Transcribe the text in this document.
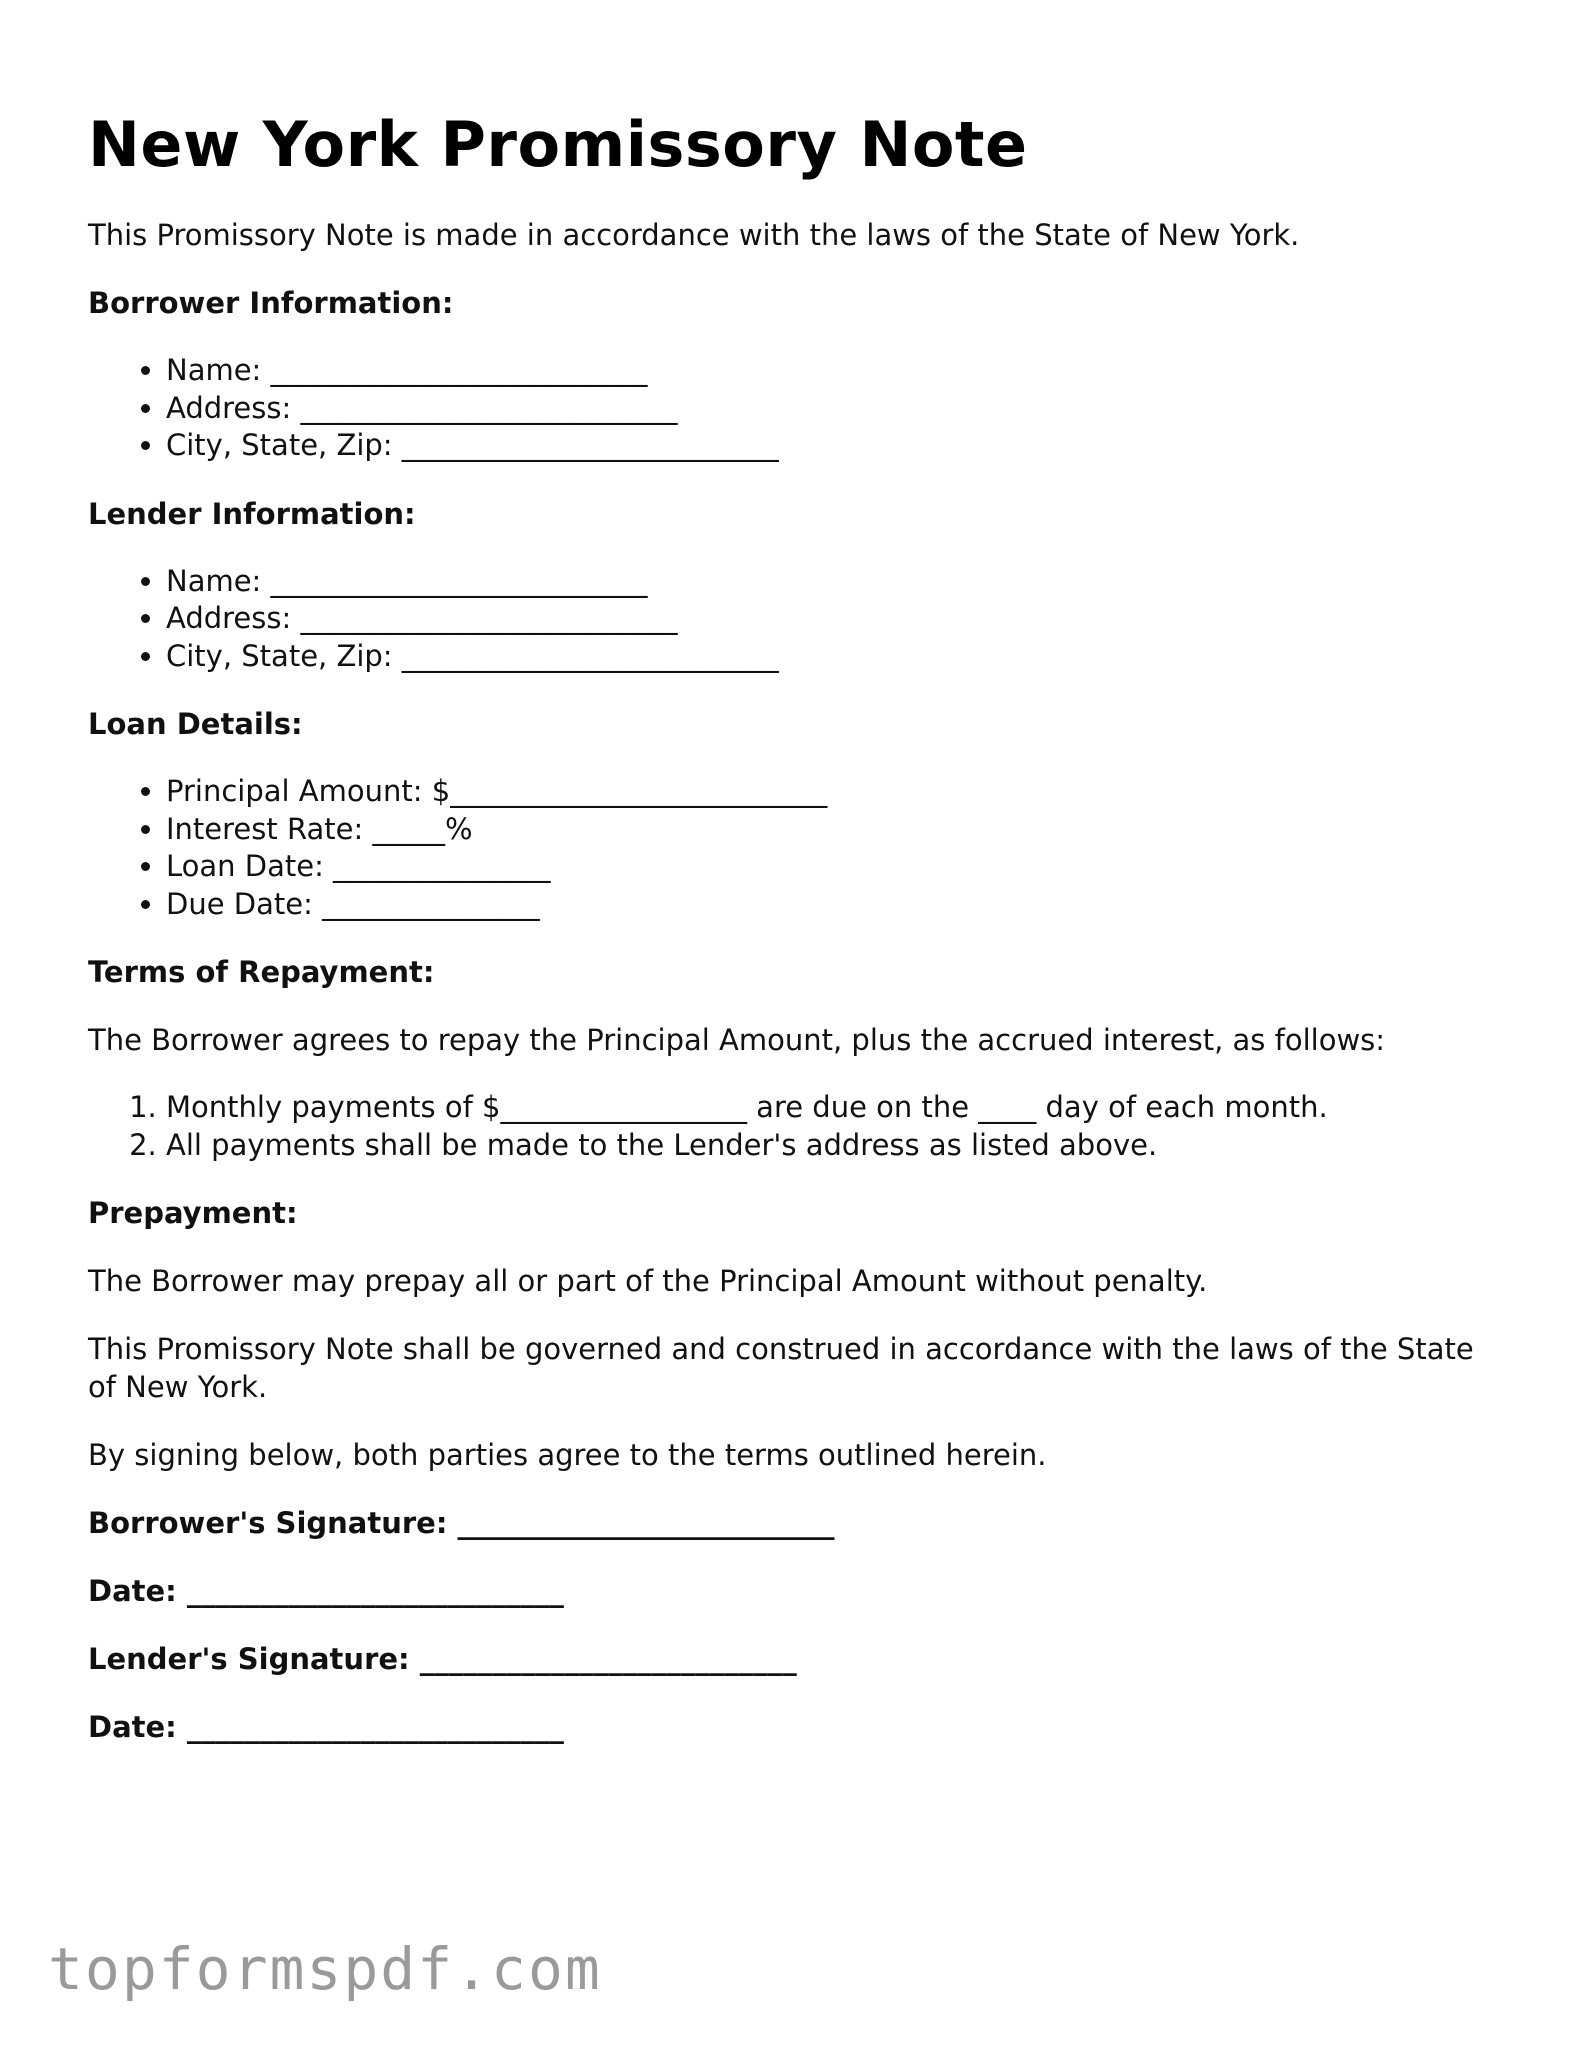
New York Promissory Note

This Promissory Note is made in accordance with the laws of the State of New York.

Borrower Information:
• Name: __________________________
• Address: __________________________
• City, State, Zip: __________________________
Lender Information:
• Name: __________________________
• Address: __________________________
• City, State, Zip: __________________________
Loan Details:
• Principal Amount: $__________________________
• Interest Rate: _____%
• Loan Date: _______________
• Due Date: _______________
Terms of Repayment:

The Borrower agrees to repay the Principal Amount, plus the accrued interest, as follows:

1. Monthly payments of $_________________ are due on the ____ day of each month.
2. All payments shall be made to the Lender's address as listed above.
Prepayment:

The Borrower may prepay all or part of the Principal Amount without penalty.

This Promissory Note shall be governed and construed in accordance with the laws of the State of New York.

By signing below, both parties agree to the terms outlined herein.

Borrower's Signature: __________________________
Date: __________________________
Lender's Signature: __________________________
Date: __________________________
topformspdf.com
